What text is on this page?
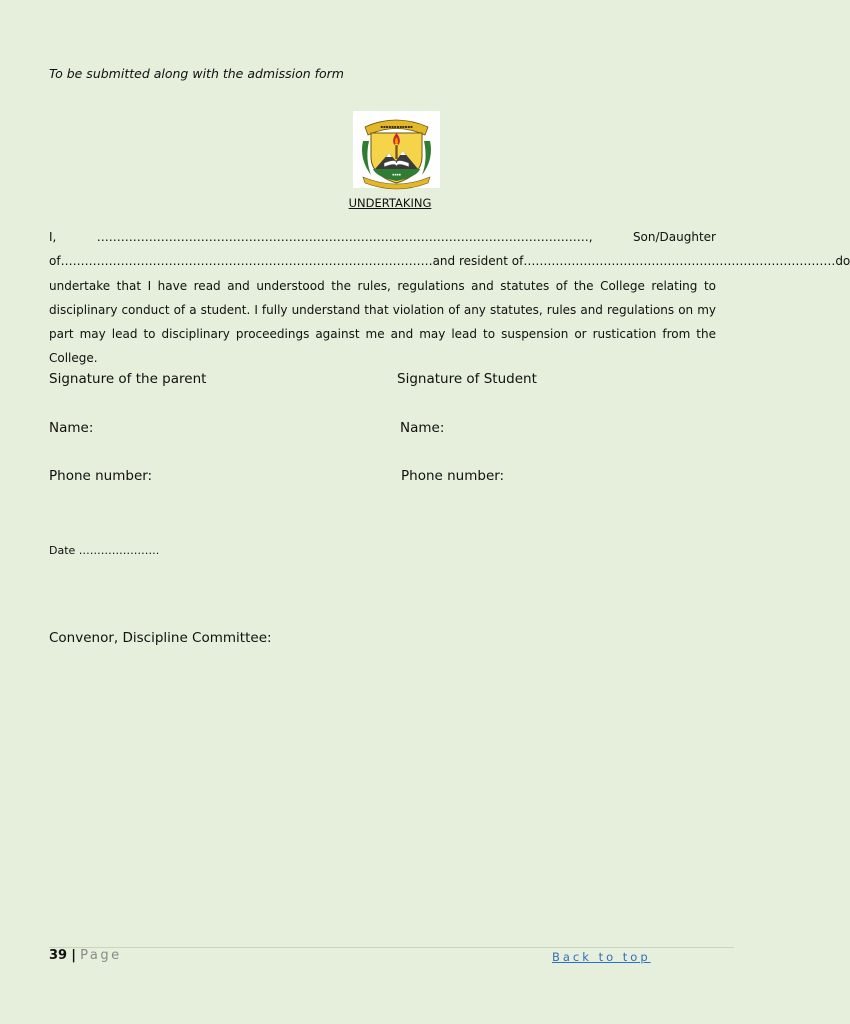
To be submitted along with the admission form
▪▪▪▪▪▪▪▪▪▪▪▪
▪▪▪▪
UNDERTAKING
I,	……………………………………………………………………………………………………………,	Son/Daughter
of…………………………………………… …………………………………… and resident of ……………………………………………………………………do
undertake that I have read and understood the rules, regulations and statutes of the College relating to disciplinary conduct of a student. I fully understand that violation of any statutes, rules and regulations on my part may lead to disciplinary proceedings against me and may lead to suspension or rustication from the College.
Signature of the parent	Signature of Student
Name:	Name:
Phone number:	Phone number:
Date ………………….
Convenor, Discipline Committee:
39 | Page	Back to top
